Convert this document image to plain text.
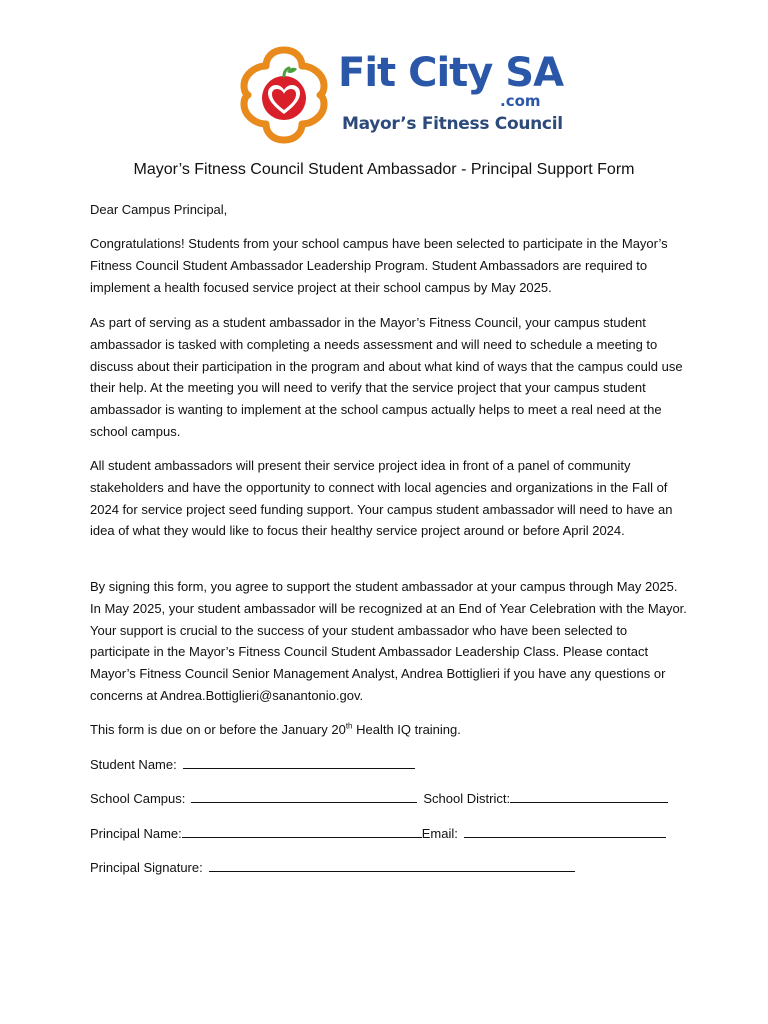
Fit City SA
.com
Mayor’s Fitness Council
Mayor’s Fitness Council Student Ambassador - Principal Support Form

Dear Campus Principal,

Congratulations! Students from your school campus have been selected to participate in the Mayor’s Fitness Council Student Ambassador Leadership Program. Student Ambassadors are required to implement a health focused service project at their school campus by May 2025.

As part of serving as a student ambassador in the Mayor’s Fitness Council, your campus student ambassador is tasked with completing a needs assessment and will need to schedule a meeting to discuss about their participation in the program and about what kind of ways that the campus could use their help. At the meeting you will need to verify that the service project that your campus student ambassador is wanting to implement at the school campus actually helps to meet a real need at the school campus.

All student ambassadors will present their service project idea in front of a panel of community stakeholders and have the opportunity to connect with local agencies and organizations in the Fall of 2024 for service project seed funding support. Your campus student ambassador will need to have an idea of what they would like to focus their healthy service project around or before April 2024.

By signing this form, you agree to support the student ambassador at your campus through May 2025. In May 2025, your student ambassador will be recognized at an End of Year Celebration with the Mayor. Your support is crucial to the success of your student ambassador who have been selected to participate in the Mayor’s Fitness Council Student Ambassador Leadership Class. Please contact Mayor’s Fitness Council Senior Management Analyst, Andrea Bottiglieri if you have any questions or concerns at Andrea.Bottiglieri@sanantonio.gov.

This form is due on or before the January 20th Health IQ training.

Student Name:
School Campus:	School District:
Principal Name:	Email:
Principal Signature:
